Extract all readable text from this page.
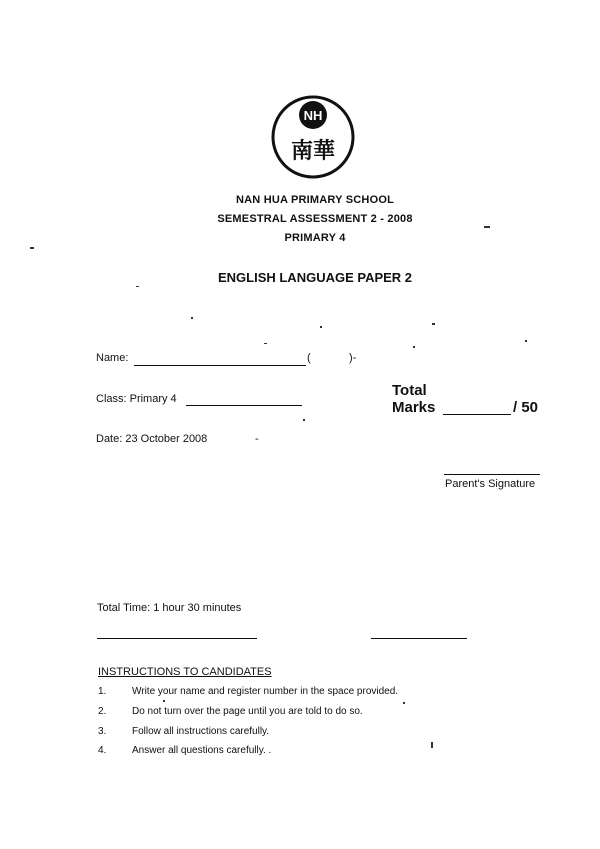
NH
南華
NAN HUA PRIMARY SCHOOL
SEMESTRAL ASSESSMENT 2 - 2008
PRIMARY 4
ENGLISH LANGUAGE PAPER 2
Name:	(	)-
Class: Primary 4	Total
Marks	/ 50
Date: 23 October 2008	-
Parent's Signature
Total Time: 1 hour 30 minutes
INSTRUCTIONS TO CANDIDATES
1.	Write your name and register number in the space provided.
2.	Do not turn over the page until you are told to do so.
3.	Follow all instructions carefully.
4.	Answer all questions carefully. .
